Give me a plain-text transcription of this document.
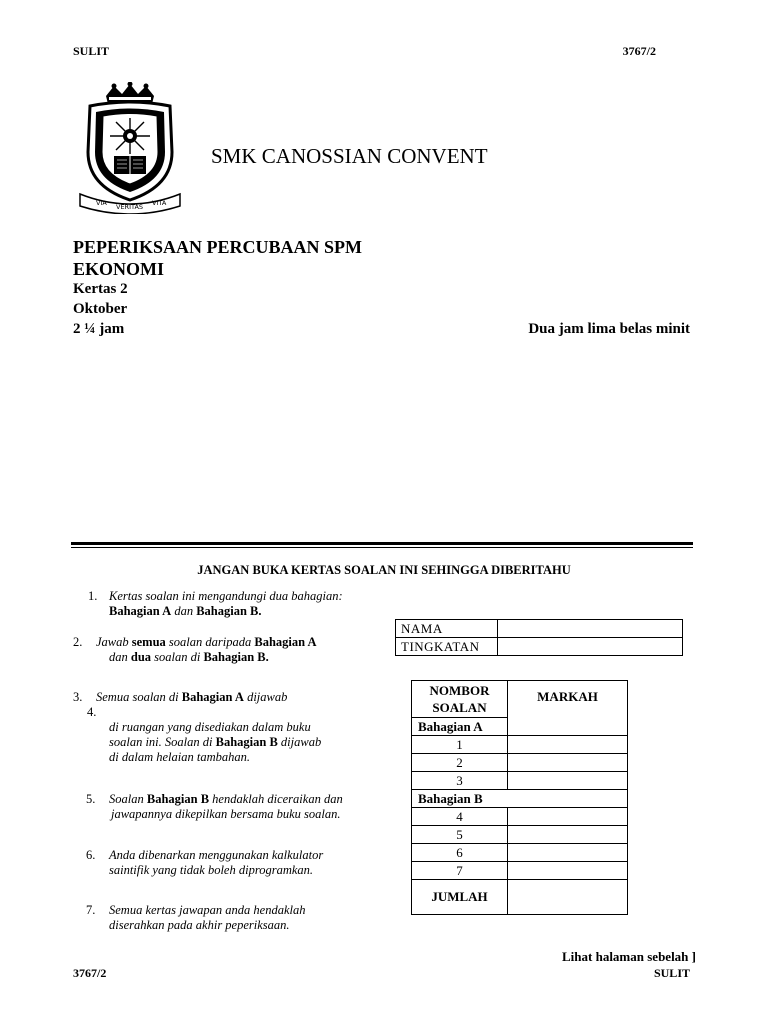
SULIT	3767/2
VIA VERITAS VITA
SMK CANOSSIAN CONVENT
PEPERIKSAAN PERCUBAAN SPM
EKONOMI
Kertas 2
Oktober
2 ¼ jam	Dua jam lima belas minit
JANGAN BUKA KERTAS SOALAN INI SEHINGGA DIBERITAHU
1. Kertas soalan ini mengandungi dua bahagian:
Bahagian A dan Bahagian B.
2.	Jawab semua soalan daripada Bahagian A
dan dua soalan di Bahagian B.
3.	Semua soalan di Bahagian A dijawab
4.
di ruangan yang disediakan dalam buku
soalan ini. Soalan di Bahagian B dijawab
di dalam helaian tambahan.
5.	Soalan Bahagian B hendaklah diceraikan dan
jawapannya dikepilkan bersama buku soalan.
6.	Anda dibenarkan menggunakan kalkulator
saintifik yang tidak boleh diprogramkan.
7.	Semua kertas jawapan anda hendaklah
diserahkan pada akhir peperiksaan.
NAMA	
TINGKATAN	
NOMBOR
SOALAN	MARKAH
Bahagian A	
1	
2	
3	
Bahagian B	
4	
5	
6	
7	
JUMLAH	
Lihat halaman sebelah ]
3767/2	SULIT
